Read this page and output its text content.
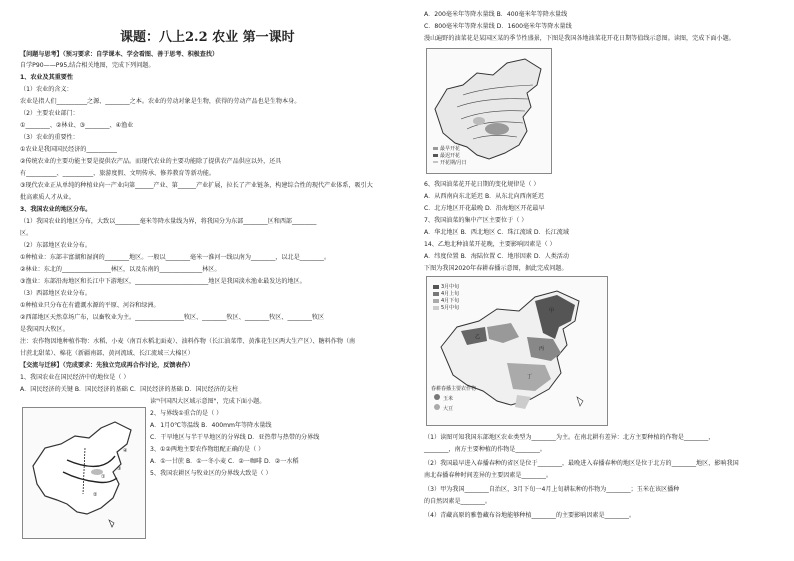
课题：八上2.2 农业 第一课时
【问题与思考】（预习要求：自学课本、学会看图、善于思考、积极查找）
自学P90——P95,结合相关地图，完成下列问题。
1、农业及其重要性
（1）农业的含义：
农业是指人们__________之源、________之本。农业的劳动对象是生物，获得的劳动产品也是生物本身。
（2）主要农业部门：
①________、②林业、③________、④渔业
（3）农业的重要性：
①农业是我国国民经济的__________
②传统农业的主要功能主要是提供农产品。而现代农业的主要功能除了提供农产品供应以外，还具
有__________、__________、旅游度假、文明传承、修养教育等新功能。
③现代农业正从单纯的种植业向一产业向第______产业、第______产业扩展，拉长了产业链条，构建综合性的现代产业体系，吸引大
批高素质人才从业。
3、我国农业的地区分布。
（1）我国农业的地区分布，大致以________毫米等降水量线为界，将我国分为东部________区和西部________
区。
（2）东部地区农业分布。
①种植业：东部丰富湖和湿润的________地区。一般以________毫米一淮河一线以南为________，以北是________。
②林业：东北的________________林区，以及东南的______________林区。
③渔业：东部沿海地区和长江中下游地区，________________________地区是我国淡水渔业最发达的地区。
（3）西部地区农业分布。
①种植业只分布在有灌溉水源的平原、河谷和绿洲。
②西部地区天然草场广布，以畜牧业为主。________________牧区、________牧区、________牧区、________牧区
是我国四大牧区。
注：农作物因地种植作物：水稻、小麦（南百水稻北面麦）、油料作物（长江油菜带、黄淮花生区两大生产区）、糖料作物（南
甘蔗北甜菜）、棉花（新疆南部、黄河流域、长江流域三大棉区）
【交流与迁移】（完成要求：先独立完成再合作讨论，反馈表作）
1、我国农业在国民经济中的地位是（ ）
A．国民经济的关键 B．国民经济的基础 C．国民经济的基础 D．国民经济的支柱
读"中国四大区域示意图"，完成下面小题。
①
②
③
④
2、与界线①重合的是（ ）
A．1月0℃等温线 B．400mm年等降水量线
C．干旱地区与半干旱地区的分界线 D．亚热带与热带的分界线
3、①②两地主要农作物组配正确的是（ ）
A．①一甘蔗 B．①一冬小麦 C．②一咖啡 D．②一水稻
5、我国农耕区与牧业区的分界线大致是（ ）
A．200毫米年等降水量线 B．400毫米年等降水量线
C．800毫米年等降水量线 D．1600毫米年等降水量线
漫山遍野的油菜花是某国区某的季节性盛景，下图是我国各地油菜花开花日期等值线示意图。读图，完成下面小题。
最早开花
最迟开花
开花期/月日
6、我国油菜花开花日期的变化规律是（ ）
A．从西南向东北延迟 B．从东北向西南延迟
C．北方地区开花最晚 D．沿海地区开花最早
7、我国油菜的集中产区主要位于（ ）
A．华北地区 B．西北地区 C．珠江流域 D．长江流域
14、乙地北种油菜开花晚，主要影响因素是（ ）
A．纬度位置 B．海陆位置 C．地形因素 D．人类活动
下图为我国2020年春耕春播示意图，据此完成问题。
3月中旬
4月上旬
4月下旬
5月中旬	甲
乙
丙
丁
春耕春播主要农作物
玉米
大豆
（1）读图可知我国东部地区农业类型为________为主。在南北耕有差异：北方主要种植的作物是________，
________，南方主要种植的作物是________。
（2）我国最早进入春播春种的省区是位于________，最晚进入春播春种的地区是位于北方的________地区，影响我国
南北春播春种时间差异的主要因素是________。
（3）甲为我国________自治区，3月下旬一4月上旬耕耘种的作物为________；玉米在该区播种
的自然因素是________。
（4）青藏高原的雅鲁藏布谷地能够种植________的主要影响因素是________。
